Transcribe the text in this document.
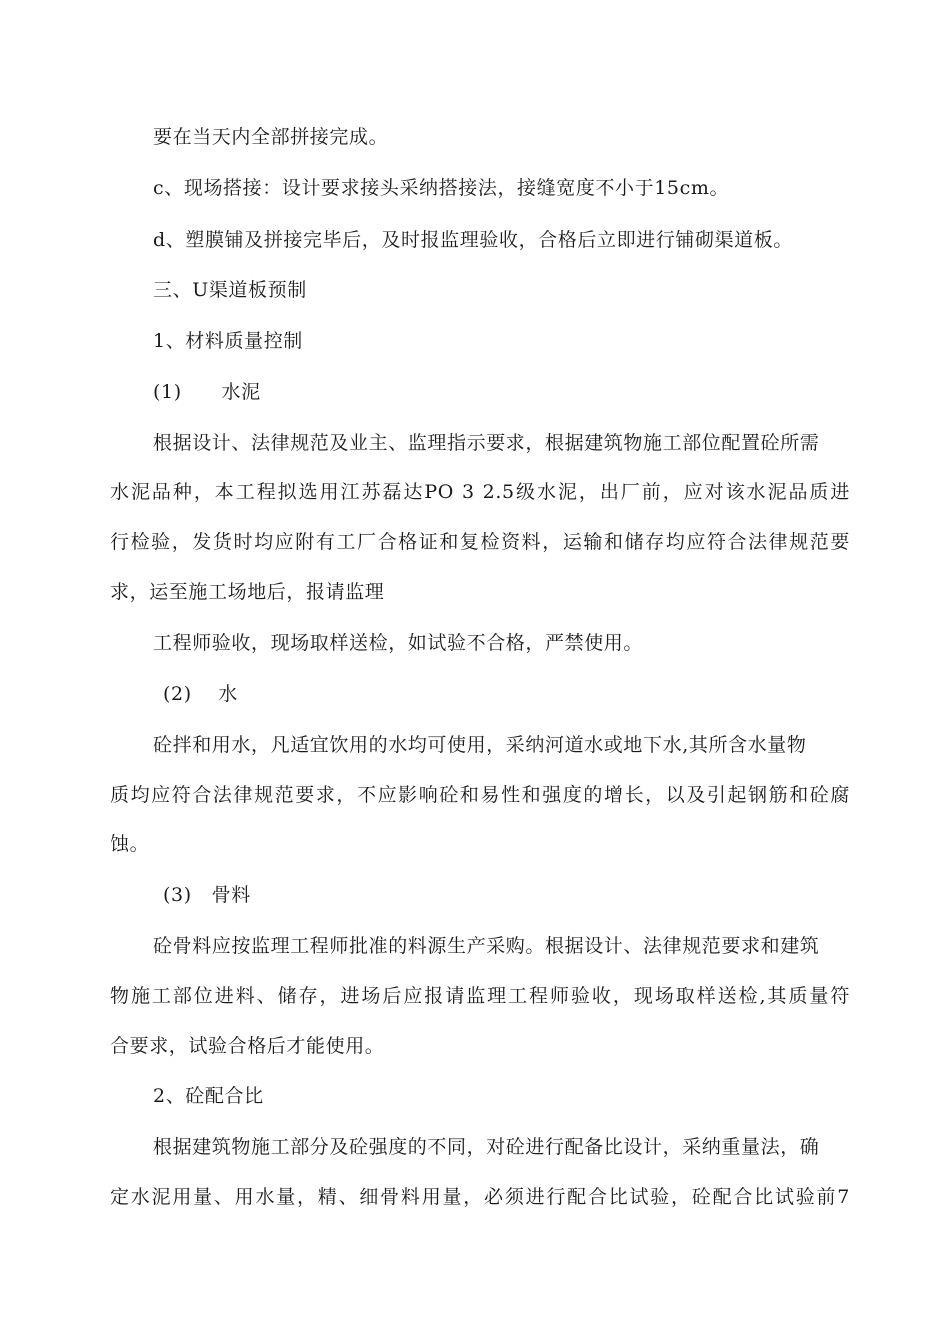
要在当天内全部拼接完成。
c、现场搭接：设计要求接头采纳搭接法，接缝宽度不小于15cm。
d、塑膜铺及拼接完毕后，及时报监理验收，合格后立即进行铺砌渠道板。
三、U渠道板预制
1、材料质量控制
(1)      水泥
根据设计、法律规范及业主、监理指示要求，根据建筑物施工部位配置砼所需
水泥品种，本工程拟选用江苏磊达PO 3 2.5级水泥，出厂前，应对该水泥品质进
行检验，发货时均应附有工厂合格证和复检资料，运输和储存均应符合法律规范要
求，运至施工场地后，报请监理
工程师验收，现场取样送检，如试验不合格，严禁使用。
(2)    水
砼拌和用水，凡适宜饮用的水均可使用，采纳河道水或地下水,其所含水量物
质均应符合法律规范要求，不应影响砼和易性和强度的增长，以及引起钢筋和砼腐
蚀。
(3)   骨料
砼骨料应按监理工程师批准的料源生产采购。根据设计、法律规范要求和建筑
物施工部位进料、储存，进场后应报请监理工程师验收，现场取样送检,其质量符
合要求，试验合格后才能使用。
2、砼配合比
根据建筑物施工部分及砼强度的不同，对砼进行配备比设计，采纳重量法，确
定水泥用量、用水量，精、细骨料用量，必须进行配合比试验，砼配合比试验前7
